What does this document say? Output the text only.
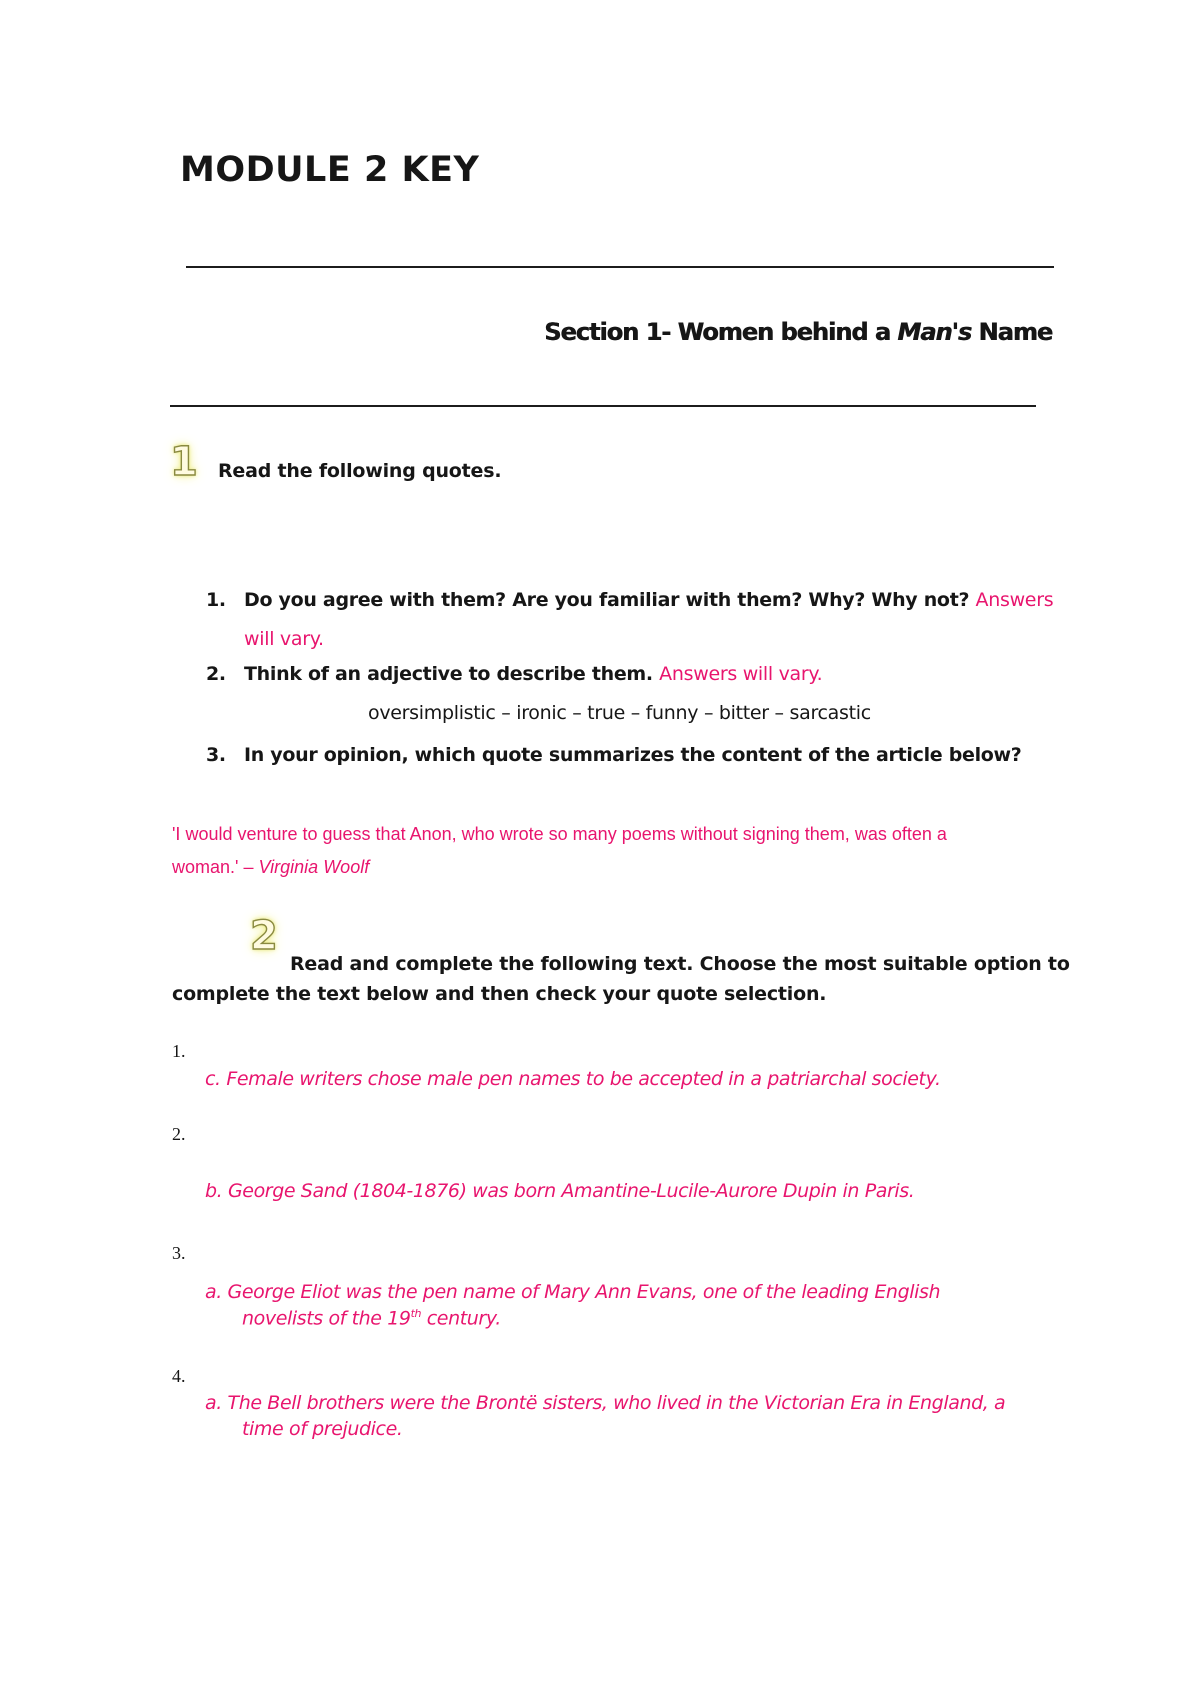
MODULE 2 KEY
Section 1- Women behind a Man's Name
1 Read the following quotes.
1. Do you agree with them? Are you familiar with them? Why? Why not? Answers
will vary.
2. Think of an adjective to describe them. Answers will vary.
oversimplistic – ironic – true – funny – bitter – sarcastic
3. In your opinion, which quote summarizes the content of the article below?
'I would venture to guess that Anon, who wrote so many poems without signing them, was often a
woman.' – Virginia Woolf
2
Read and complete the following text. Choose the most suitable option to
complete the text below and then check your quote selection.
1.
c. Female writers chose male pen names to be accepted in a patriarchal society.
2.
b. George Sand (1804-1876) was born Amantine-Lucile-Aurore Dupin in Paris.
3.
a. George Eliot was the pen name of Mary Ann Evans, one of the leading English
novelists of the 19th century.
4.
a. The Bell brothers were the Brontë sisters, who lived in the Victorian Era in England, a
time of prejudice.
